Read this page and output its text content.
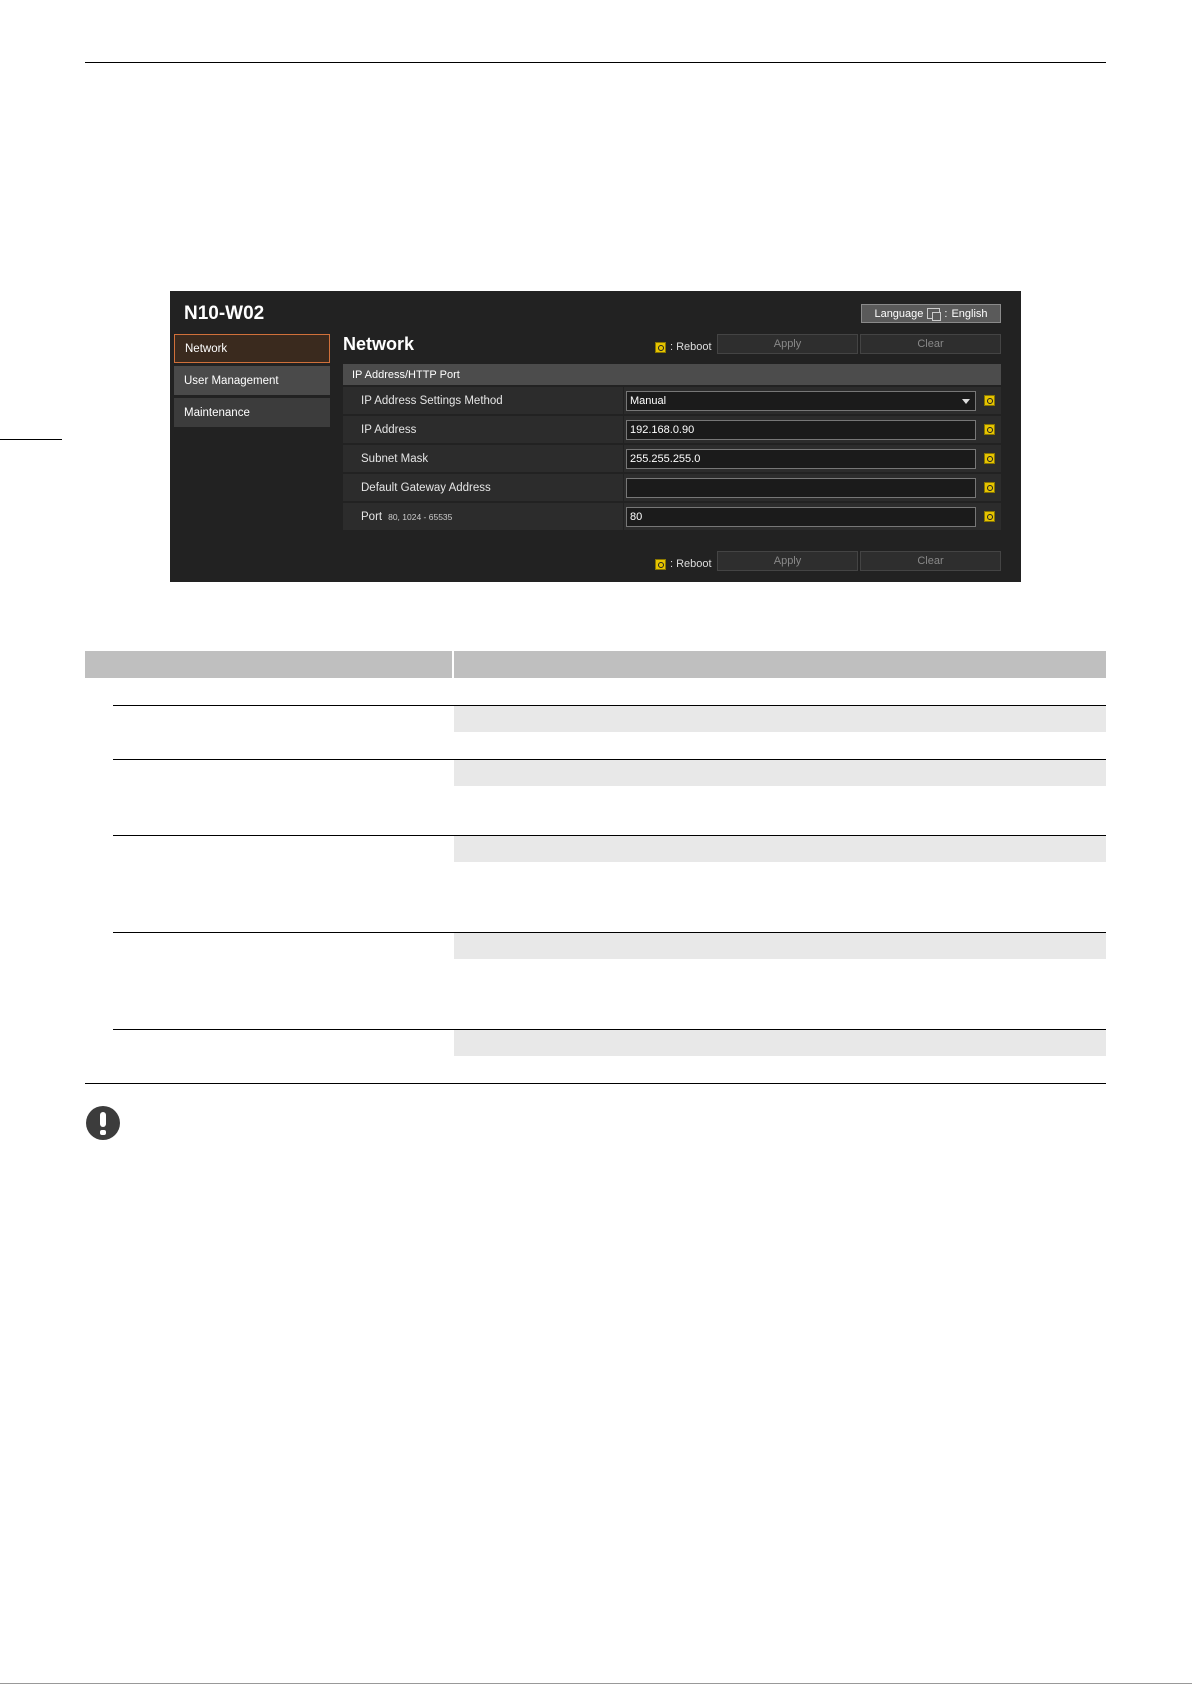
N10-W02	Language : English
Network
User Management
Maintenance
Network	: Reboot	Apply	Clear
IP Address/HTTP Port
IP Address Settings Method	Manual
IP Address	192.168.0.90
Subnet Mask	255.255.255.0
Default Gateway Address
Port 80, 1024 - 65535	80
: Reboot	Apply	Clear
